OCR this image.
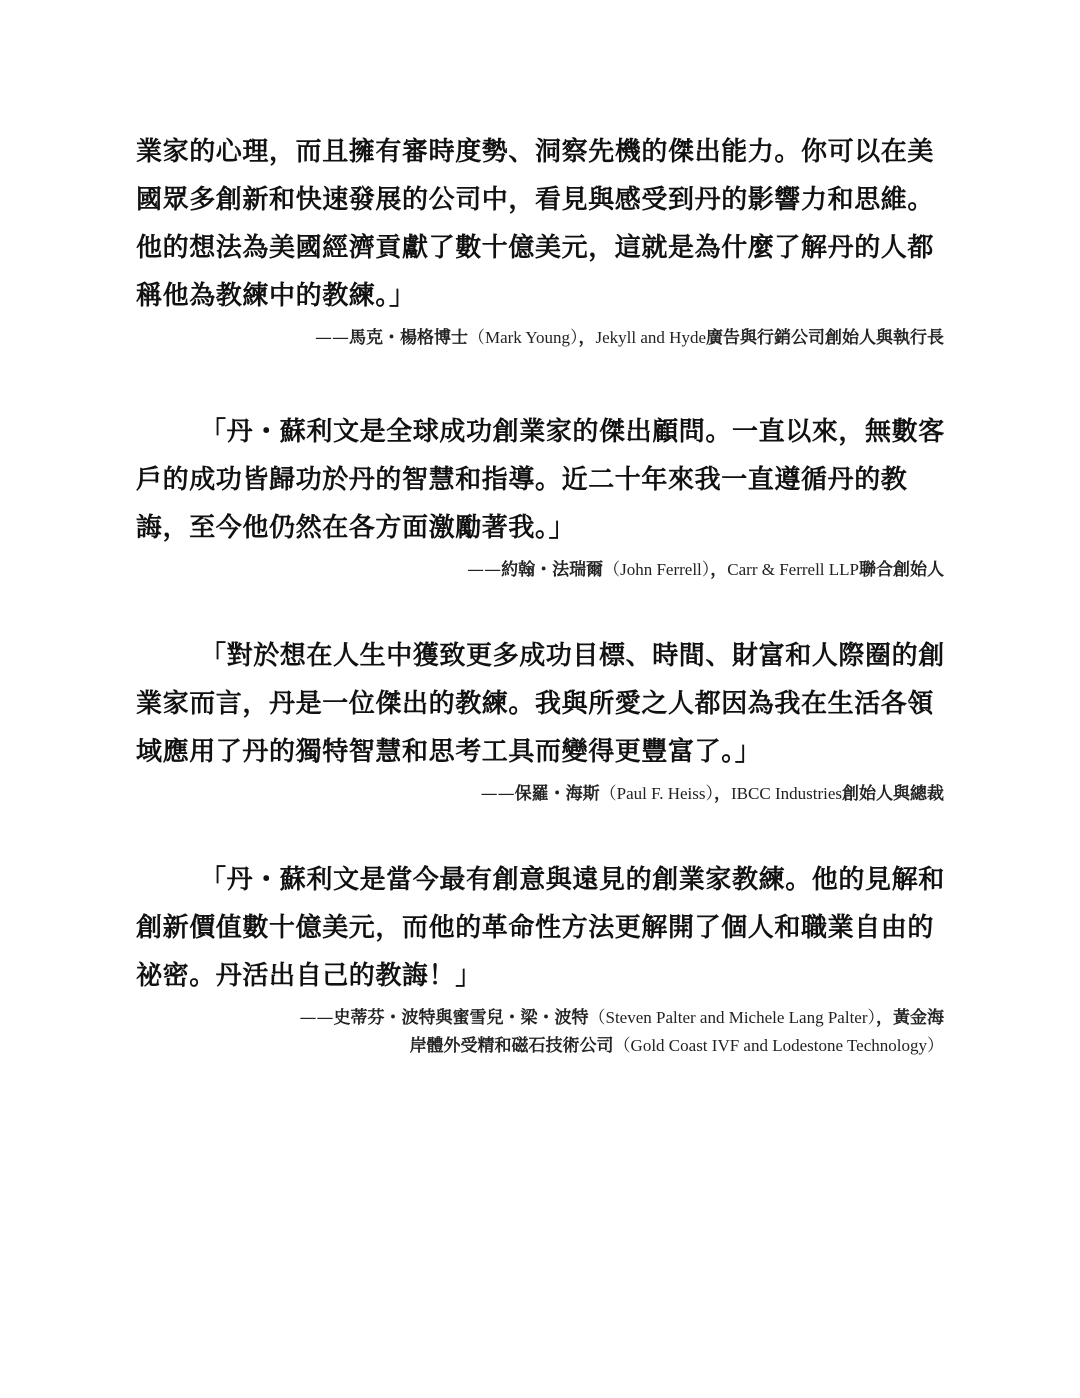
業家的心理，而且擁有審時度勢、洞察先機的傑出能力。你可以在美
國眾多創新和快速發展的公司中，看見與感受到丹的影響力和思維。
他的想法為美國經濟貢獻了數十億美元，這就是為什麼了解丹的人都
稱他為教練中的教練。」

——馬克・楊格博士（Mark Young），Jekyll and Hyde廣告與行銷公司創始人與執行長

「丹・蘇利文是全球成功創業家的傑出顧問。一直以來，無數客
戶的成功皆歸功於丹的智慧和指導。近二十年來我一直遵循丹的教
誨，至今他仍然在各方面激勵著我。」

——約翰・法瑞爾（John Ferrell），Carr & Ferrell LLP聯合創始人

「對於想在人生中獲致更多成功目標、時間、財富和人際圈的創
業家而言，丹是一位傑出的教練。我與所愛之人都因為我在生活各領
域應用了丹的獨特智慧和思考工具而變得更豐富了。」

——保羅・海斯（Paul F. Heiss），IBCC Industries創始人與總裁

「丹・蘇利文是當今最有創意與遠見的創業家教練。他的見解和
創新價值數十億美元，而他的革命性方法更解開了個人和職業自由的
祕密。丹活出自己的教誨！」

——史蒂芬・波特與蜜雪兒・梁・波特（Steven Palter and Michele Lang Palter），黃金海
岸體外受精和磁石技術公司（Gold Coast IVF and Lodestone Technology）
